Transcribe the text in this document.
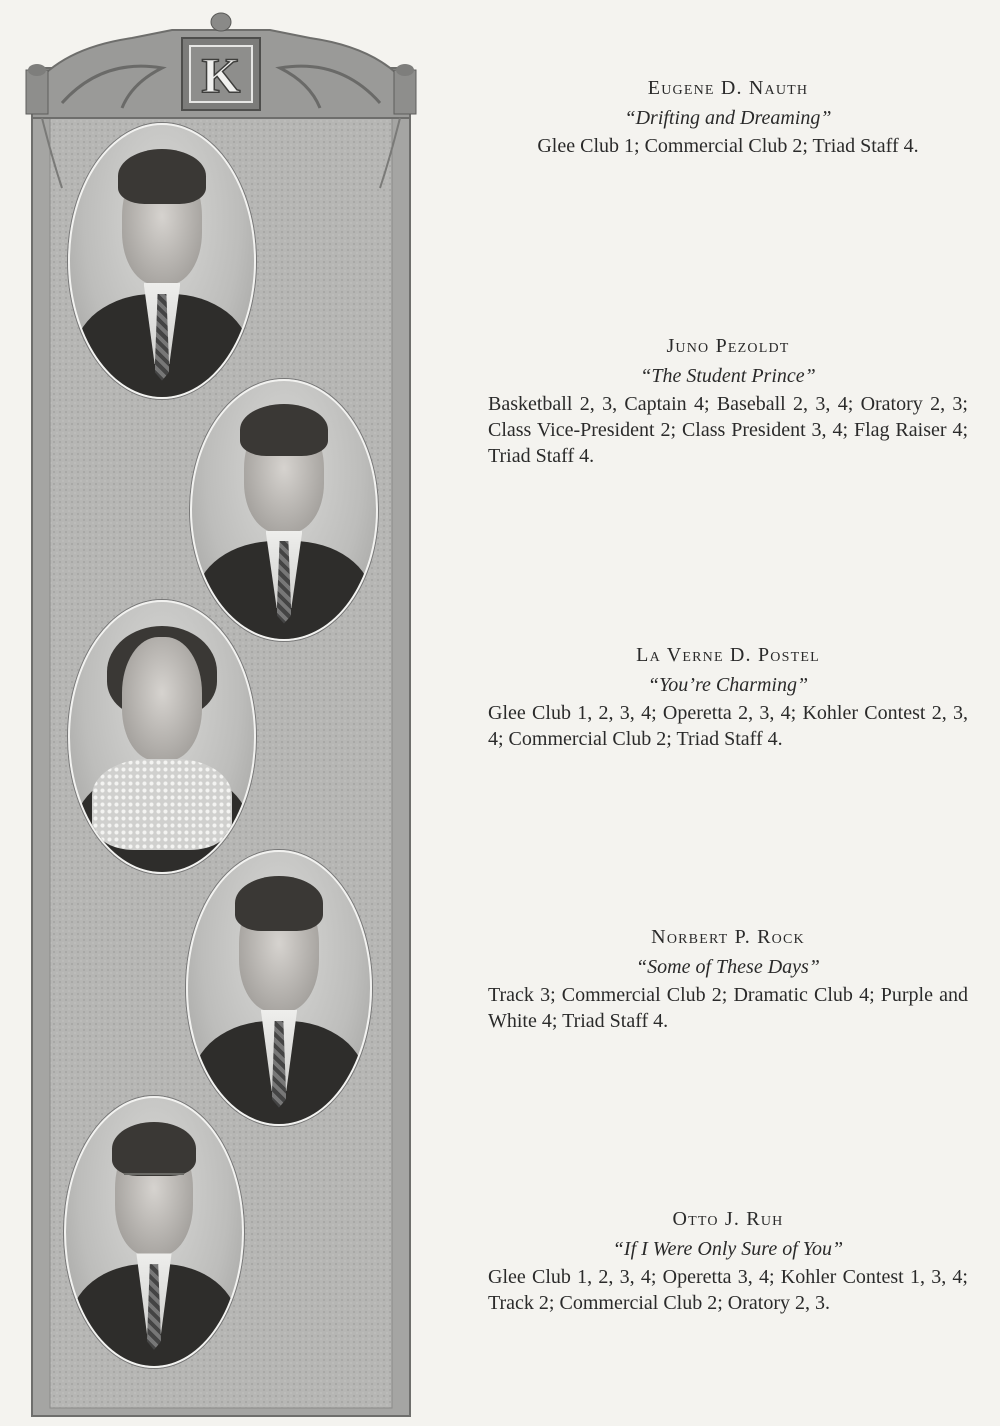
K	Eugene D. Nauth
“Drifting and Dreaming”
Glee Club 1; Commercial Club 2; Triad Staff 4.
Juno Pezoldt
“The Student Prince”
Basketball 2, 3, Captain 4; Baseball 2, 3, 4; Oratory 2, 3; Class Vice-President 2; Class President 3, 4; Flag Raiser 4; Triad Staff 4.
La Verne D. Postel
“You’re Charming”
Glee Club 1, 2, 3, 4; Operetta 2, 3, 4; Kohler Contest 2, 3, 4; Commercial Club 2; Triad Staff 4.
Norbert P. Rock
“Some of These Days”
Track 3; Commercial Club 2; Dramatic Club 4; Purple and White 4; Triad Staff 4.
Otto J. Ruh
“If I Were Only Sure of You”
Glee Club 1, 2, 3, 4; Operetta 3, 4; Kohler Contest 1, 3, 4; Track 2; Commercial Club 2; Oratory 2, 3.
